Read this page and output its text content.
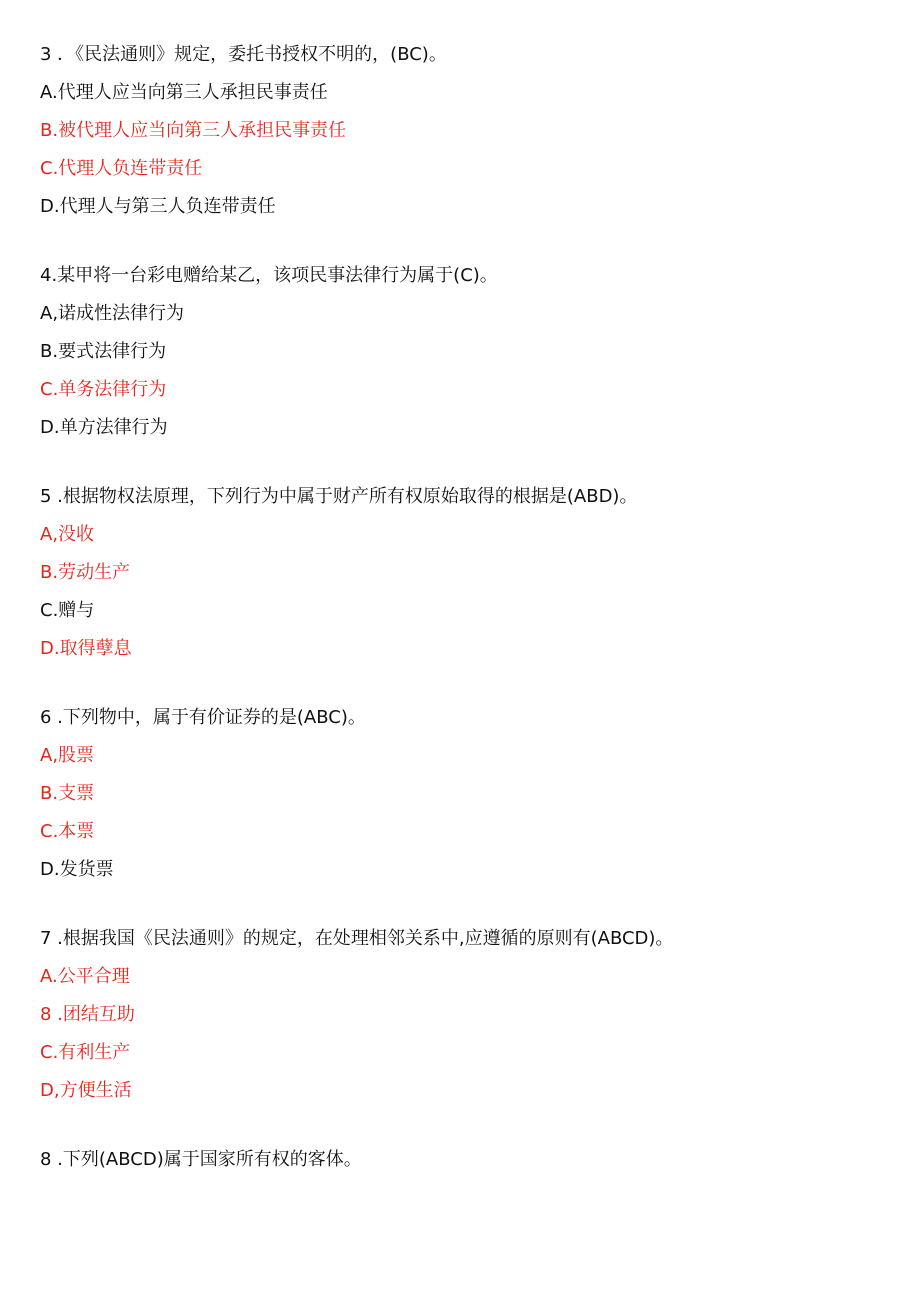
3 ．《民法通则》规定，委托书授权不明的，(BC)。
A.代理人应当向第三人承担民事责任
B.被代理人应当向第三人承担民事责任
C.代理人负连带责任
D.代理人与第三人负连带责任
4.某甲将一台彩电赠给某乙，该项民事法律行为属于(C)。
A,诺成性法律行为
B.要式法律行为
C.单务法律行为
D.单方法律行为
5 .根据物权法原理，下列行为中属于财产所有权原始取得的根据是(ABD)。
A,没收
B.劳动生产
C.赠与
D.取得孽息
6 .下列物中，属于有价证券的是(ABC)。
A,股票
B.支票
C.本票
D.发货票
7 .根据我国《民法通则》的规定，在处理相邻关系中,应遵循的原则有(ABCD)。
A.公平合理
8 .团结互助
C.有利生产
D,方便生活
8 .下列(ABCD)属于国家所有权的客体。
